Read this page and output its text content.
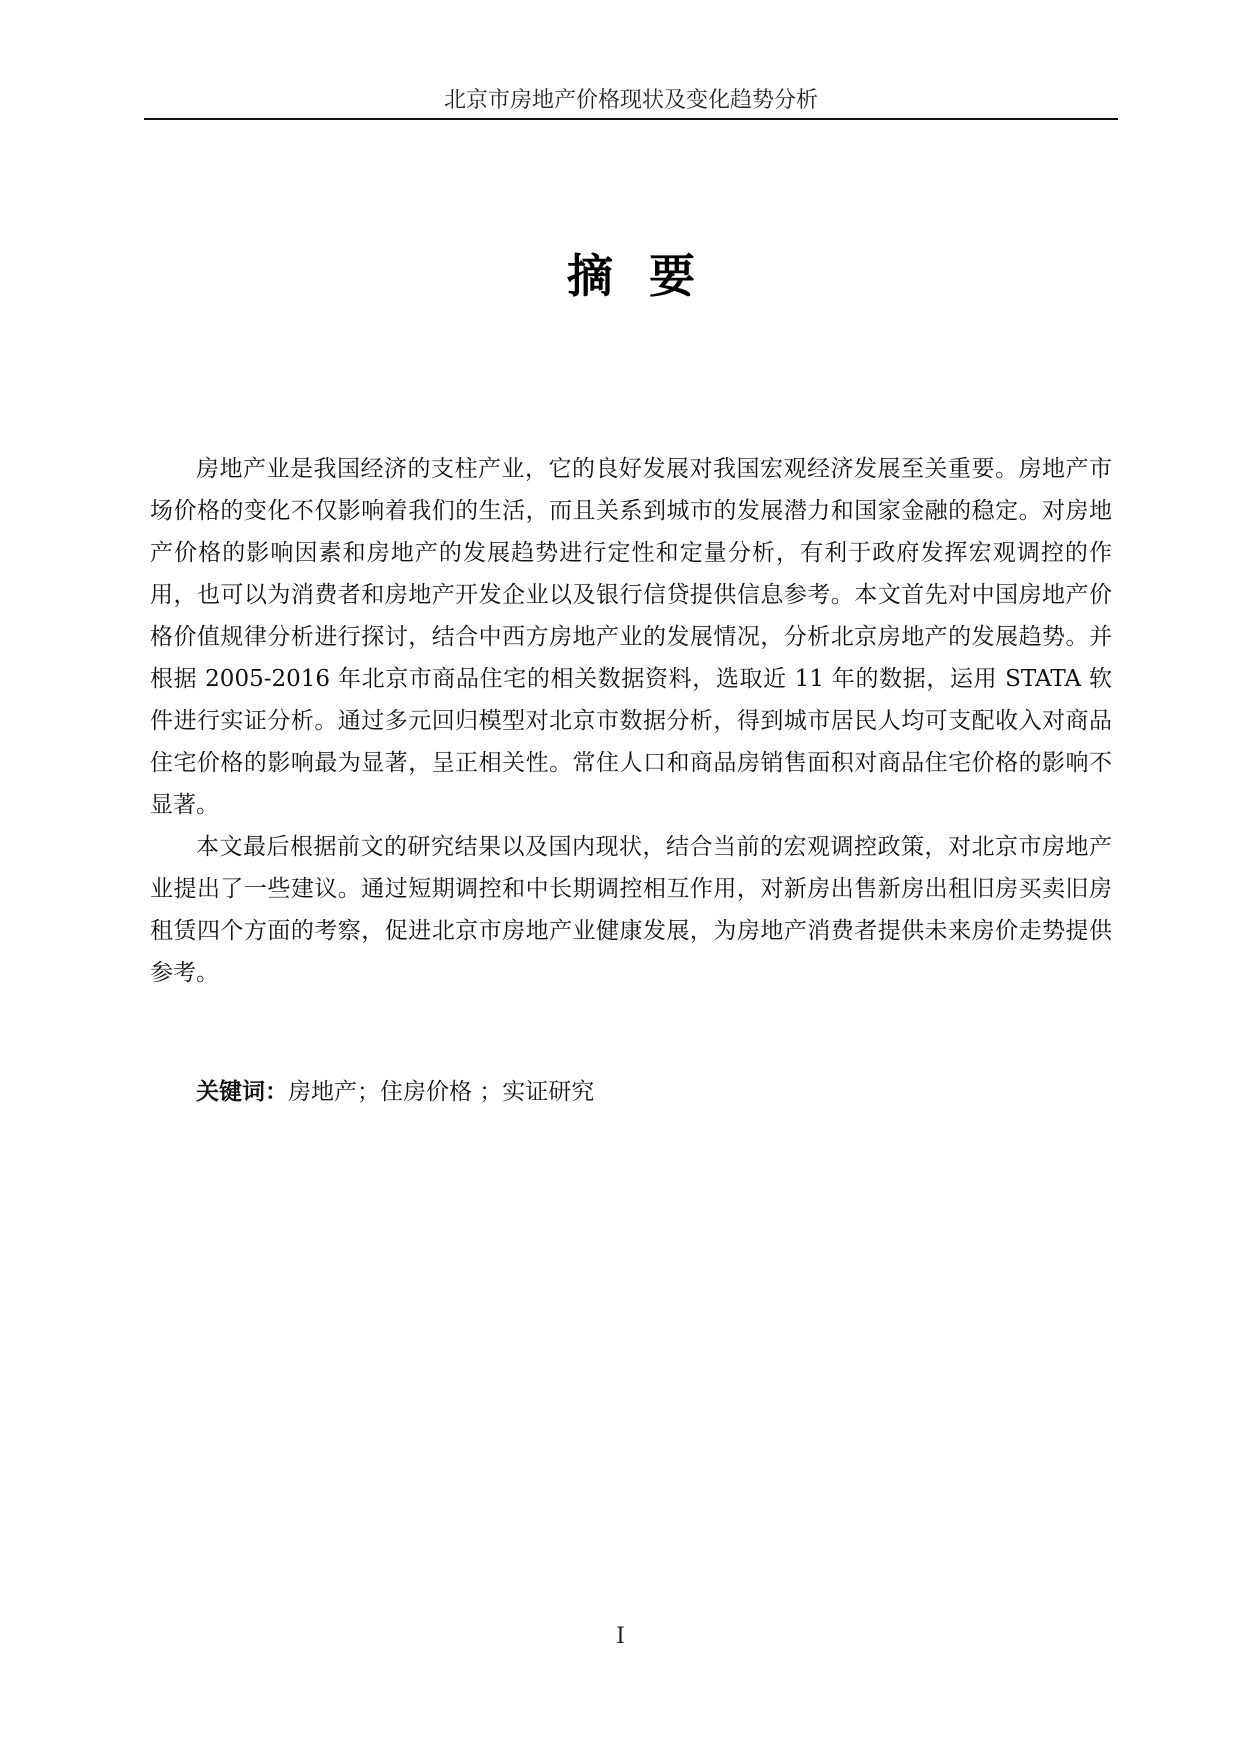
北京市房地产价格现状及变化趋势分析
摘要

房地产业是我国经济的支柱产业，它的良好发展对我国宏观经济发展至关重要。房地产市场价格的变化不仅影响着我们的生活，而且关系到城市的发展潜力和国家金融的稳定。对房地产价格的影响因素和房地产的发展趋势进行定性和定量分析，有利于政府发挥宏观调控的作用，也可以为消费者和房地产开发企业以及银行信贷提供信息参考。本文首先对中国房地产价格价值规律分析进行探讨，结合中西方房地产业的发展情况，分析北京房地产的发展趋势。并根据 2005-2016 年北京市商品住宅的相关数据资料，选取近 11 年的数据，运用 STATA 软件进行实证分析。通过多元回归模型对北京市数据分析，得到城市居民人均可支配收入对商品住宅价格的影响最为显著，呈正相关性。常住人口和商品房销售面积对商品住宅价格的影响不显著。

本文最后根据前文的研究结果以及国内现状，结合当前的宏观调控政策，对北京市房地产业提出了一些建议。通过短期调控和中长期调控相互作用，对新房出售新房出租旧房买卖旧房租赁四个方面的考察，促进北京市房地产业健康发展，为房地产消费者提供未来房价走势提供参考。

关键词：房地产；住房价格 ；实证研究
I
